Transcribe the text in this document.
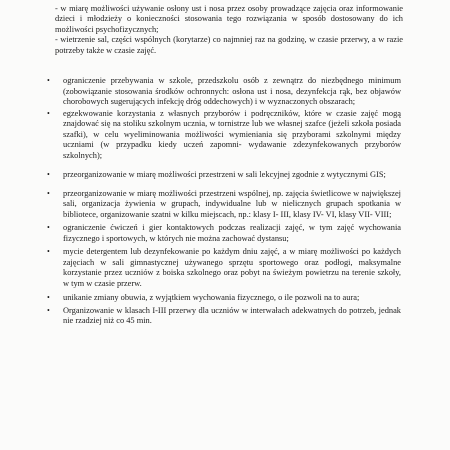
- w miarę możliwości używanie osłony ust i nosa przez osoby prowadzące zajęcia oraz informowanie dzieci i młodzieży o konieczności stosowania tego rozwiązania w sposób dostosowany do ich możliwości psychofizycznych;

- wietrzenie sal, części wspólnych (korytarze) co najmniej raz na godzinę, w czasie przerwy, a w razie potrzeby także w czasie zajęć.

• ograniczenie przebywania w szkole, przedszkolu osób z zewnątrz do niezbędnego minimum (zobowiązanie stosowania środków ochronnych: osłona ust i nosa, dezynfekcja rąk, bez objawów chorobowych sugerujących infekcję dróg oddechowych) i w wyznaczonych obszarach;
• egzekwowanie korzystania z własnych przyborów i podręczników, które w czasie zajęć mogą znajdować się na stoliku szkolnym ucznia, w tornistrze lub we własnej szafce (jeżeli szkoła posiada szafki), w celu wyeliminowania możliwości wymieniania się przyborami szkolnymi między uczniami (w przypadku kiedy uczeń zapomni- wydawanie zdezynfekowanych przyborów szkolnych);
• przeorganizowanie w miarę możliwości przestrzeni w sali lekcyjnej zgodnie z wytycznymi GIS;
• przeorganizowanie w miarę możliwości przestrzeni wspólnej, np. zajęcia świetlicowe w największej sali, organizacja żywienia w grupach, indywidualne lub w nielicznych grupach spotkania w bibliotece, organizowanie szatni w kilku miejscach, np.: klasy I- III, klasy IV- VI, klasy VII- VIII;
• ograniczenie ćwiczeń i gier kontaktowych podczas realizacji zajęć, w tym zajęć wychowania fizycznego i sportowych, w których nie można zachować dystansu;
• mycie detergentem lub dezynfekowanie po każdym dniu zajęć, a w miarę możliwości po każdych zajęciach w sali gimnastycznej używanego sprzętu sportowego oraz podłogi, maksymalne korzystanie przez uczniów z boiska szkolnego oraz pobyt na świeżym powietrzu na terenie szkoły, w tym w czasie przerw.
• unikanie zmiany obuwia, z wyjątkiem wychowania fizycznego, o ile pozwoli na to aura;
• Organizowanie w klasach I-III przerwy dla uczniów w interwałach adekwatnych do potrzeb, jednak nie rzadziej niż co 45 min.
